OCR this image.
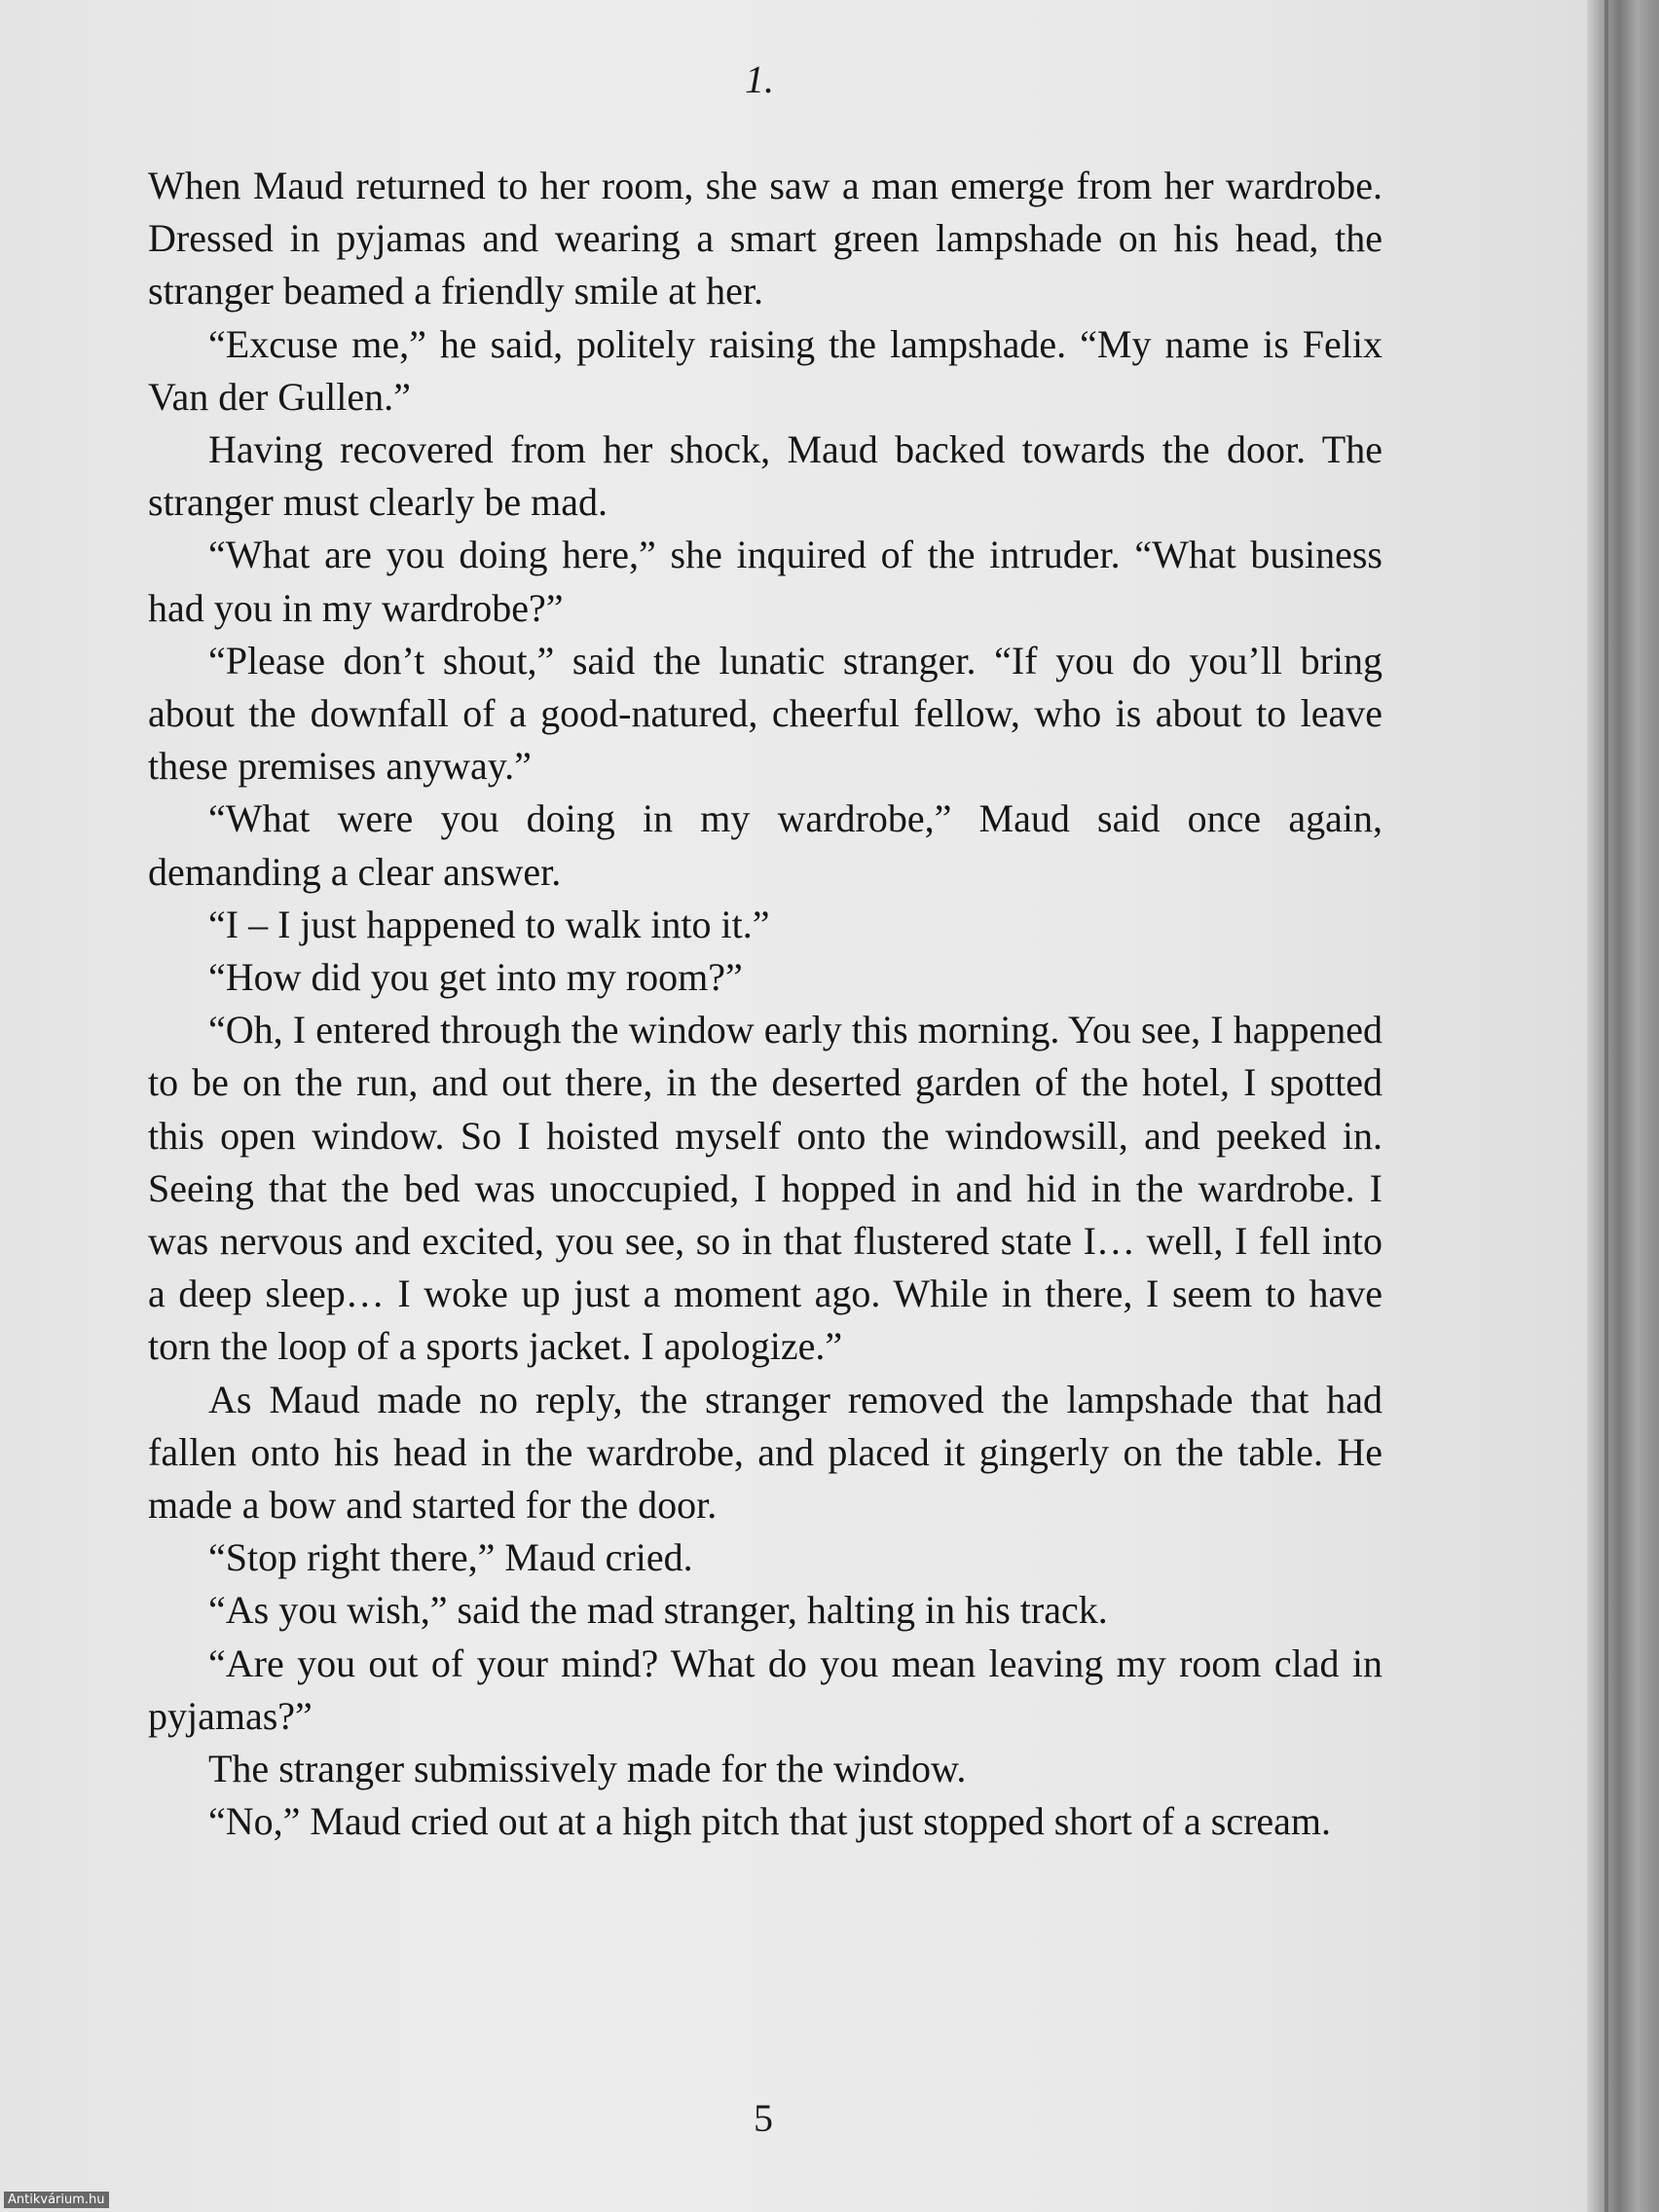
1.

When Maud returned to her room, she saw a man emerge from her wardrobe. Dressed in pyjamas and wearing a smart green lampshade on his head, the stranger beamed a friendly smile at her.

“Excuse me,” he said, politely raising the lampshade. “My name is Felix Van der Gullen.”

Having recovered from her shock, Maud backed towards the door. The stranger must clearly be mad.

“What are you doing here,” she inquired of the intruder. “What business had you in my wardrobe?”

“Please don’t shout,” said the lunatic stranger. “If you do you’ll bring about the downfall of a good-natured, cheerful fellow, who is about to leave these premises anyway.”

“What were you doing in my wardrobe,” Maud said once again, demanding a clear answer.

“I – I just happened to walk into it.”

“How did you get into my room?”

“Oh, I entered through the window early this morning. You see, I happened to be on the run, and out there, in the deserted garden of the hotel, I spotted this open window. So I hoisted myself onto the windowsill, and peeked in. Seeing that the bed was unoccupied, I hopped in and hid in the wardrobe. I was nervous and excited, you see, so in that flustered state I… well, I fell into a deep sleep… I woke up just a moment ago. While in there, I seem to have torn the loop of a sports jacket. I apologize.”

As Maud made no reply, the stranger removed the lampshade that had fallen onto his head in the wardrobe, and placed it gingerly on the table. He made a bow and started for the door.

“Stop right there,” Maud cried.

“As you wish,” said the mad stranger, halting in his track.

“Are you out of your mind? What do you mean leaving my room clad in pyjamas?”

The stranger submissively made for the window.

“No,” Maud cried out at a high pitch that just stopped short of a scream.

5
Antikvárium.hu
